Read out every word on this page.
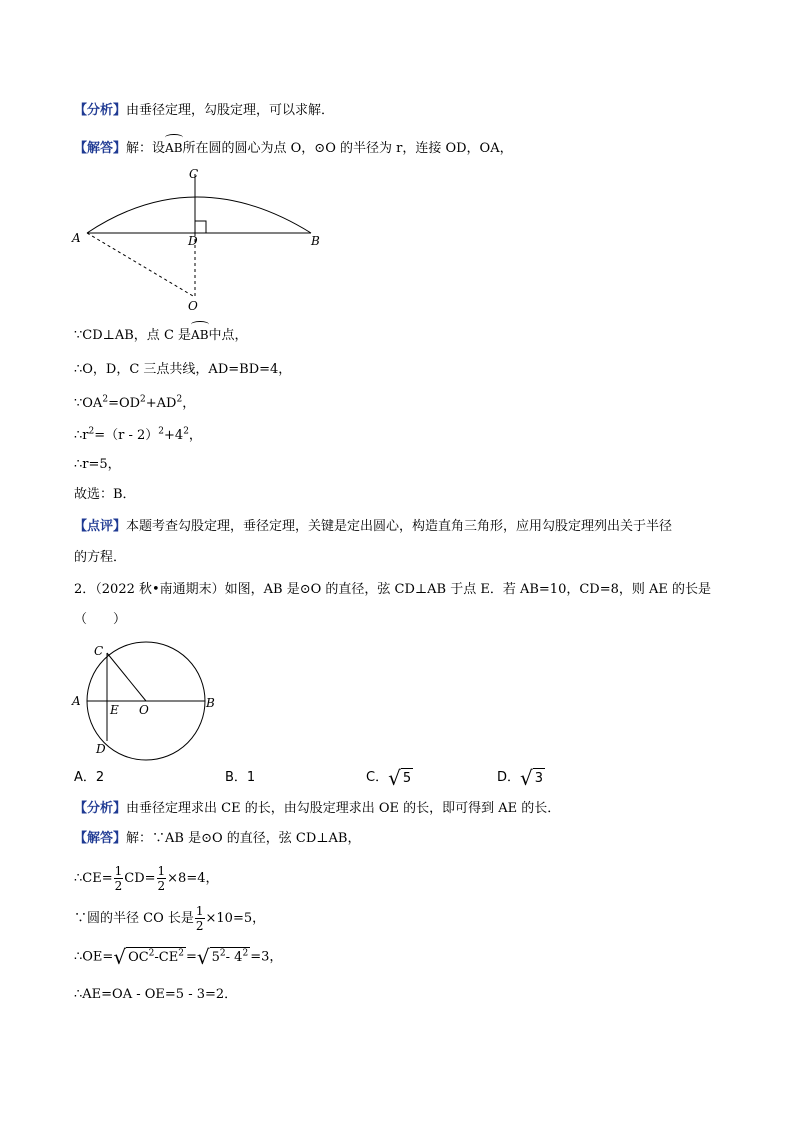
【分析】由垂径定理，勾股定理，可以求解．
【解答】解：设AB所在圆的圆心为点 O，⊙O 的半径为 r，连接 OD，OA，
A	B
C
D
O
∵CD⊥AB，点 C 是AB中点，
∴O，D，C 三点共线，AD=BD=4，
$\because OA^2=OD^2+AD^2$，
$\therefore r^2=(r - 2)^2+4^2$，
∴r=5，
故选：B．
【点评】本题考查勾股定理，垂径定理，关键是定出圆心，构造直角三角形，应用勾股定理列出关于半径
的方程．
2．（2022 秋•南通期末）如图，AB 是⊙O 的直径，弦 CD⊥AB 于点 E．若 AB=10，CD=8，则 AE 的长是
（　　）
A	B
C
D
E O
A．2	B．1	C． √ 5	D． √ 3
【分析】由垂径定理求出 CE 的长，由勾股定理求出 OE 的长，即可得到 AE 的长．
【解答】解：∵AB 是⊙O 的直径，弦 CD⊥AB，
∴CE= $\frac{1}{2} CD= \frac{1}{2} \times 8=4$，
∵圆的半径 CO 长是 $\frac{1}{2} \times 10=5$，
∴OE= √ $OC^2-CE^2$ = √ $5^2-$ $4^2 =3$，
∴AE=OA - OE=5 - 3=2．
